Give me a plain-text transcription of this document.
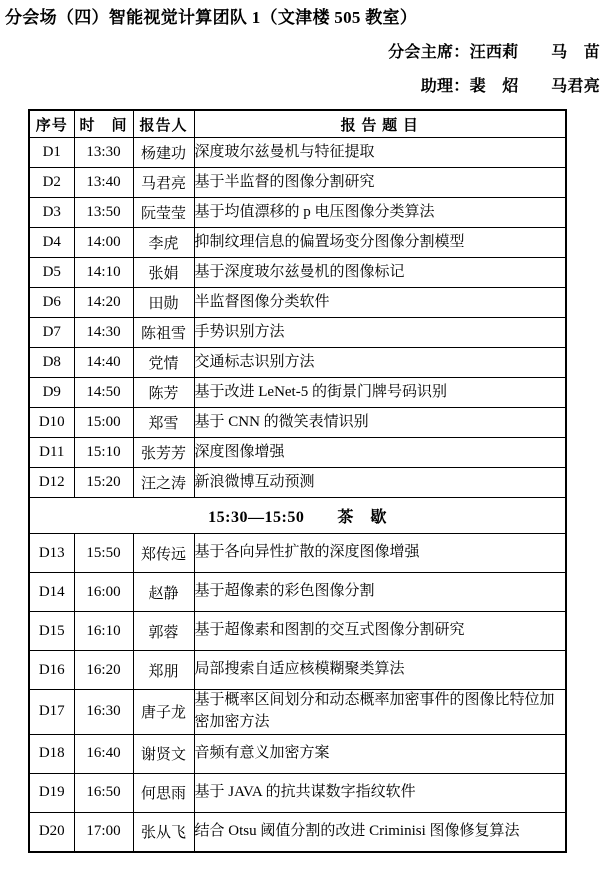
分会场（四）智能视觉计算团队 1（文津楼 505 教室）
分会主席：汪西莉　　马　苗
助理：裴　炤　　马君亮
序号	时　间	报告人	报 告 题 目
D1	13:30	杨建功	深度玻尔兹曼机与特征提取
D2	13:40	马君亮	基于半监督的图像分割研究
D3	13:50	阮莹莹	基于均值漂移的 p 电压图像分类算法
D4	14:00	李虎	抑制纹理信息的偏置场变分图像分割模型
D5	14:10	张娟	基于深度玻尔兹曼机的图像标记
D6	14:20	田勋	半监督图像分类软件
D7	14:30	陈祖雪	手势识别方法
D8	14:40	党情	交通标志识别方法
D9	14:50	陈芳	基于改进 LeNet-5 的街景门牌号码识别
D10	15:00	郑雪	基于 CNN 的微笑表情识别
D11	15:10	张芳芳	深度图像增强
D12	15:20	汪之涛	新浪微博互动预测
15:30—15:50　　茶　歇			
D13	15:50	郑传远	基于各向异性扩散的深度图像增强
D14	16:00	赵静	基于超像素的彩色图像分割
D15	16:10	郭蓉	基于超像素和图割的交互式图像分割研究
D16	16:20	郑朋	局部搜索自适应核模糊聚类算法
D17	16:30	唐子龙	基于概率区间划分和动态概率加密事件的图像比特位加密加密方法
D18	16:40	谢贤文	音频有意义加密方案
D19	16:50	何思雨	基于 JAVA 的抗共谋数字指纹软件
D20	17:00	张从飞	结合 Otsu 阈值分割的改进 Criminisi 图像修复算法
